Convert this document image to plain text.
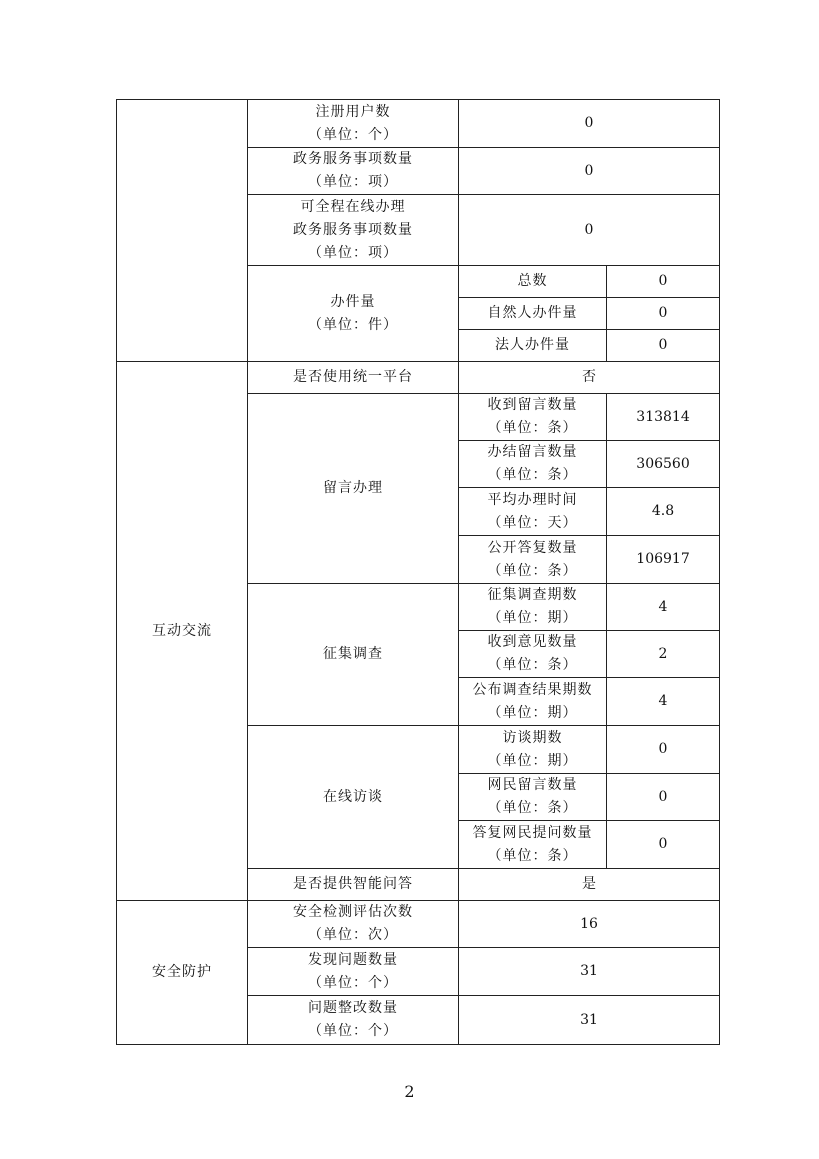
	注册用户数
（单位：个）	0	
	政务服务事项数量
（单位：项）	0	
	可全程在线办理
政务服务事项数量
（单位：项）	0	
	办件量
（单位：件）	总数	0
		自然人办件量	0
		法人办件量	0

互动交流	是否使用统一平台	否	
	留言办理	收到留言数量
（单位：条）	313814
		办结留言数量
（单位：条）	306560
		平均办理时间
（单位：天）	4.8
		公开答复数量
（单位：条）	106917
	征集调查	征集调查期数
（单位：期）	4
		收到意见数量
（单位：条）	2
		公布调查结果期数
（单位：期）	4
	在线访谈	访谈期数
（单位：期）	0
		网民留言数量
（单位：条）	0
		答复网民提问数量
（单位：条）	0
	是否提供智能问答	是	

安全防护	安全检测评估次数
（单位：次）	16	
	发现问题数量
（单位：个）	31	
	问题整改数量
（单位：个）	31	
2
